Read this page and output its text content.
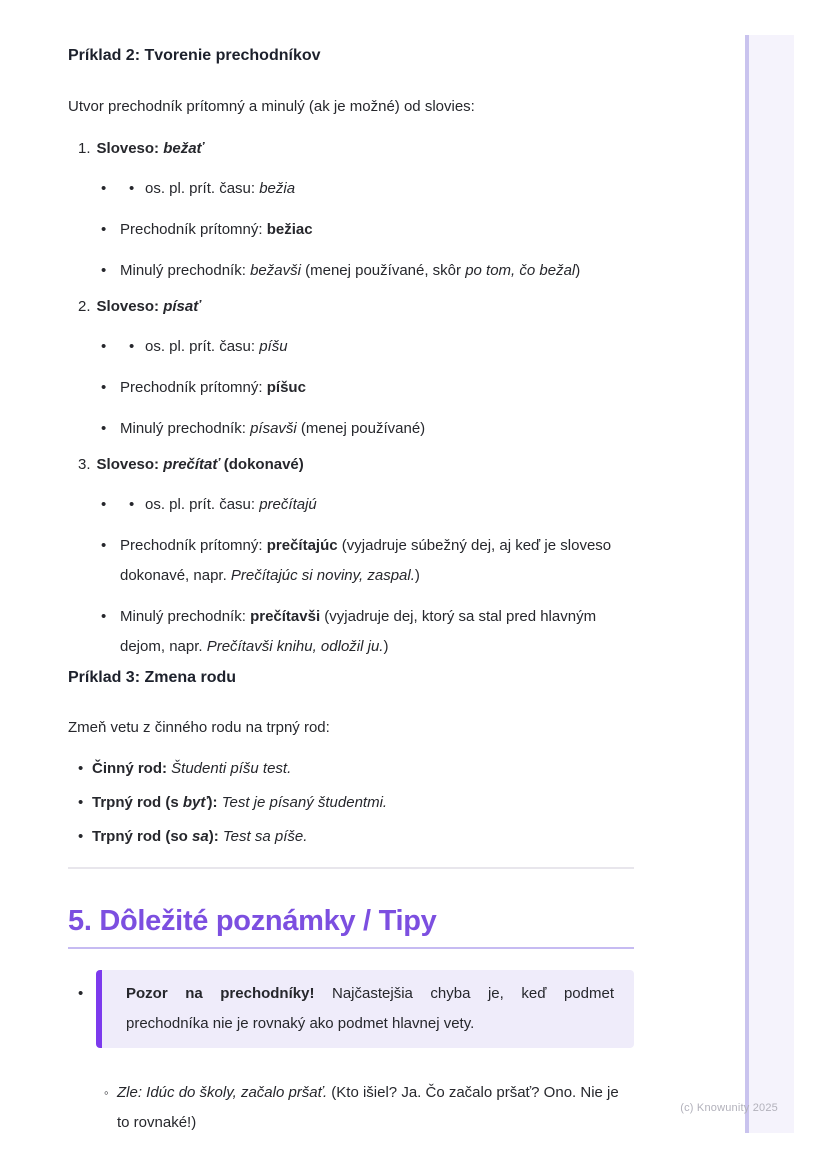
(c) Knowunity 2025
Príklad 2: Tvorenie prechodníkov

Utvor prechodník prítomný a minulý (ak je možné) od slovies:

1. Sloveso: bežať
•	• os. pl. prít. času: bežia
• Prechodník prítomný: bežiac
• Minulý prechodník: bežavši (menej používané, skôr po tom, čo bežal)
2. Sloveso: písať
•	• os. pl. prít. času: píšu
• Prechodník prítomný: píšuc
• Minulý prechodník: písavši (menej používané)
3. Sloveso: prečítať (dokonavé)
•	• os. pl. prít. času: prečítajú
• Prechodník prítomný: prečítajúc (vyjadruje súbežný dej, aj keď je sloveso dokonavé, napr. Prečítajúc si noviny, zaspal.)
• Minulý prechodník: prečítavši (vyjadruje dej, ktorý sa stal pred hlavným dejom, napr. Prečítavši knihu, odložil ju.)
Príklad 3: Zmena rodu

Zmeň vetu z činného rodu na trpný rod:

• Činný rod: Študenti píšu test.
• Trpný rod (s byť): Test je písaný študentmi.
• Trpný rod (so sa): Test sa píše.
5. Dôležité poznámky / Tipy
•	Pozor na prechodníky! Najčastejšia chyba je, keď podmet
prechodníka nie je rovnaký ako podmet hlavnej vety.
◦ Zle: Idúc do školy, začalo pršať. (Kto išiel? Ja. Čo začalo pršať? Ono. Nie je to rovnaké!)
